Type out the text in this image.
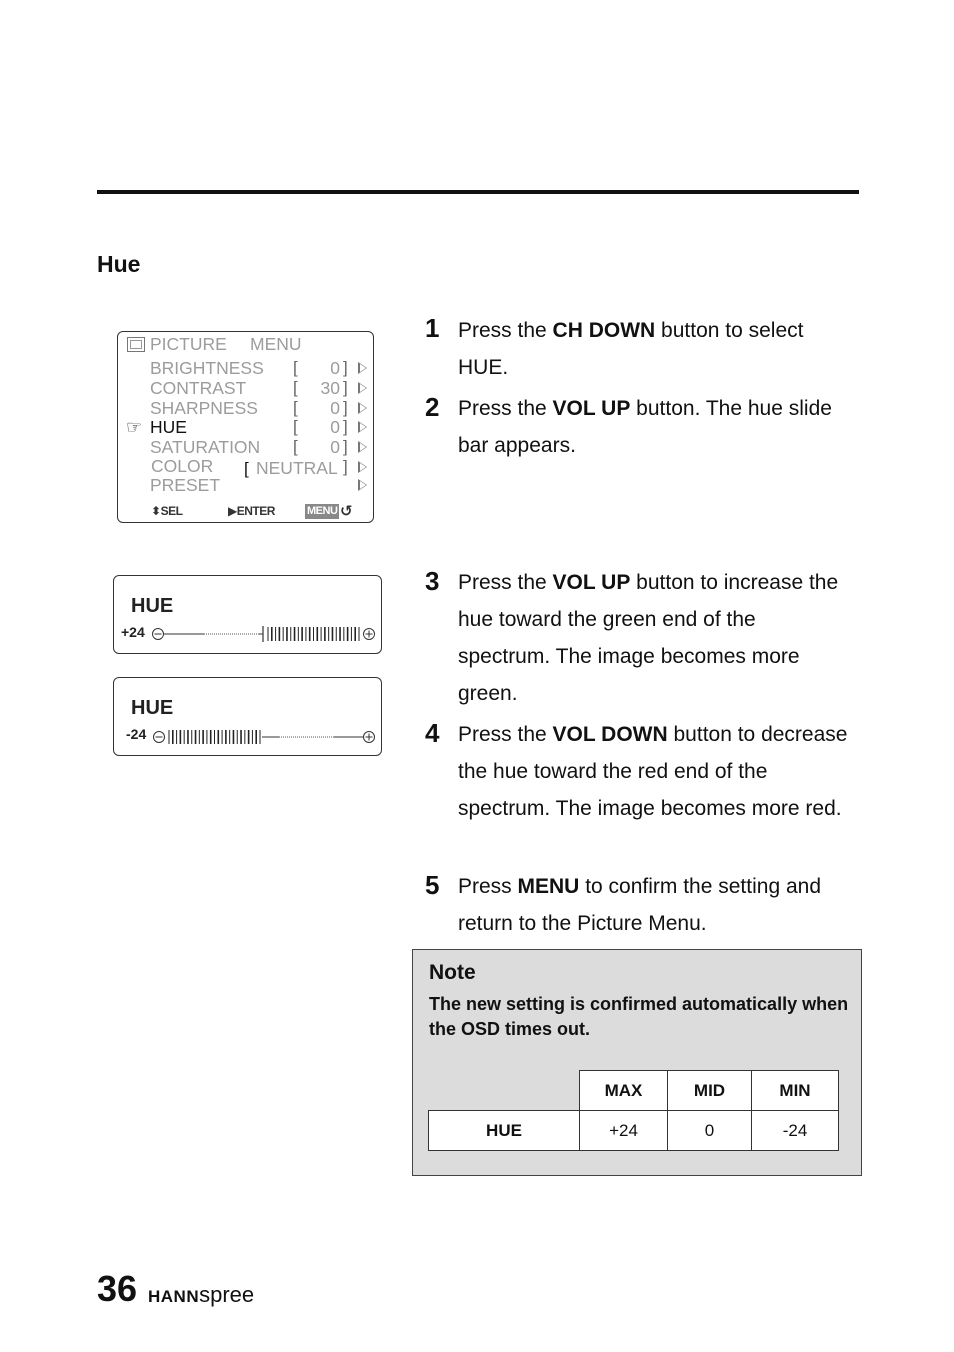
Hue
PICTURE MENU
BRIGHTNESS [	0 ]
CONTRAST	[	30 ]
SHARPNESS [	0 ]
☞ HUE	[	0 ]
SATURATION [	0 ]
COLOR [ NEUTRAL ]
PRESET
⬍SEL	▶ENTER	MENU ↺
HUE
+24
HUE
-24
1 Press the CH DOWN button to select HUE.
2 Press the VOL UP button. The hue slide bar appears.
3 Press the VOL UP button to increase the hue toward the green end of the spectrum. The image becomes more green.
4 Press the VOL DOWN button to decrease the hue toward the red end of the spectrum. The image becomes more red.
5 Press MENU to confirm the setting and return to the Picture Menu.
Note
The new setting is confirmed automatically when the OSD times out.
	MAX	MID	MIN
HUE	+24	0	-24
36 HANNspree
